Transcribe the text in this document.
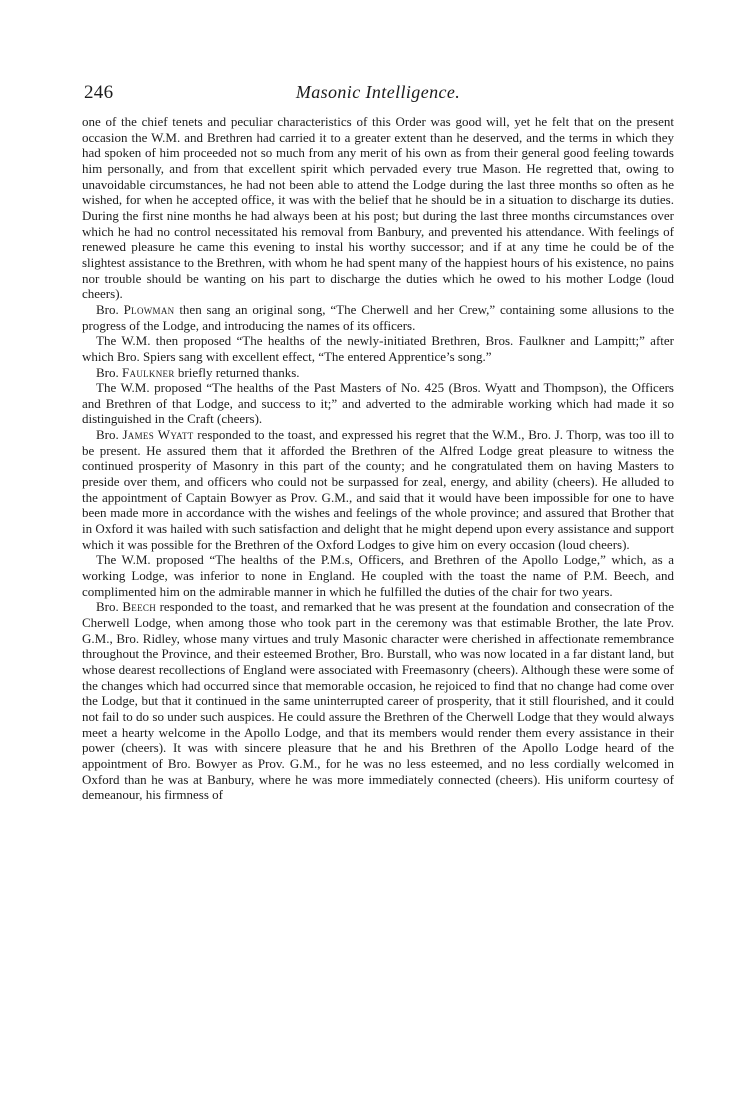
246	Masonic Intelligence.

one of the chief tenets and peculiar characteristics of this Order was good will, yet he felt that on the present occasion the W.M. and Brethren had carried it to a greater extent than he deserved, and the terms in which they had spoken of him proceeded not so much from any merit of his own as from their general good feeling towards him personally, and from that excellent spirit which pervaded every true Mason. He regretted that, owing to unavoidable circumstances, he had not been able to attend the Lodge during the last three months so often as he wished, for when he accepted office, it was with the belief that he should be in a situation to discharge its duties. During the first nine months he had always been at his post; but during the last three months circumstances over which he had no control necessitated his removal from Banbury, and prevented his attendance. With feelings of renewed pleasure he came this evening to instal his worthy successor; and if at any time he could be of the slightest assistance to the Brethren, with whom he had spent many of the happiest hours of his existence, no pains nor trouble should be wanting on his part to discharge the duties which he owed to his mother Lodge (loud cheers).

Bro. Plowman then sang an original song, “The Cherwell and her Crew,” containing some allusions to the progress of the Lodge, and introducing the names of its officers.

The W.M. then proposed “The healths of the newly-initiated Brethren, Bros. Faulkner and Lampitt;” after which Bro. Spiers sang with excellent effect, “The entered Apprentice’s song.”

Bro. Faulkner briefly returned thanks.

The W.M. proposed “The healths of the Past Masters of No. 425 (Bros. Wyatt and Thompson), the Officers and Brethren of that Lodge, and success to it;” and adverted to the admirable working which had made it so distinguished in the Craft (cheers).

Bro. James Wyatt responded to the toast, and expressed his regret that the W.M., Bro. J. Thorp, was too ill to be present. He assured them that it afforded the Brethren of the Alfred Lodge great pleasure to witness the continued prosperity of Masonry in this part of the county; and he congratulated them on having Masters to preside over them, and officers who could not be surpassed for zeal, energy, and ability (cheers). He alluded to the appointment of Captain Bowyer as Prov. G.M., and said that it would have been impossible for one to have been made more in accordance with the wishes and feelings of the whole province; and assured that Brother that in Oxford it was hailed with such satisfaction and delight that he might depend upon every assistance and support which it was possible for the Brethren of the Oxford Lodges to give him on every occasion (loud cheers).

The W.M. proposed “The healths of the P.M.s, Officers, and Brethren of the Apollo Lodge,” which, as a working Lodge, was inferior to none in England. He coupled with the toast the name of P.M. Beech, and complimented him on the admirable manner in which he fulfilled the duties of the chair for two years.

Bro. Beech responded to the toast, and remarked that he was present at the foundation and consecration of the Cherwell Lodge, when among those who took part in the ceremony was that estimable Brother, the late Prov. G.M., Bro. Ridley, whose many virtues and truly Masonic character were cherished in affectionate remembrance throughout the Province, and their esteemed Brother, Bro. Burstall, who was now located in a far distant land, but whose dearest recollections of England were associated with Freemasonry (cheers). Although these were some of the changes which had occurred since that memorable occasion, he rejoiced to find that no change had come over the Lodge, but that it continued in the same uninterrupted career of prosperity, that it still flourished, and it could not fail to do so under such auspices. He could assure the Brethren of the Cherwell Lodge that they would always meet a hearty welcome in the Apollo Lodge, and that its members would render them every assistance in their power (cheers). It was with sincere pleasure that he and his Brethren of the Apollo Lodge heard of the appointment of Bro. Bowyer as Prov. G.M., for he was no less esteemed, and no less cordially welcomed in Oxford than he was at Banbury, where he was more immediately connected (cheers). His uniform courtesy of demeanour, his firmness of
